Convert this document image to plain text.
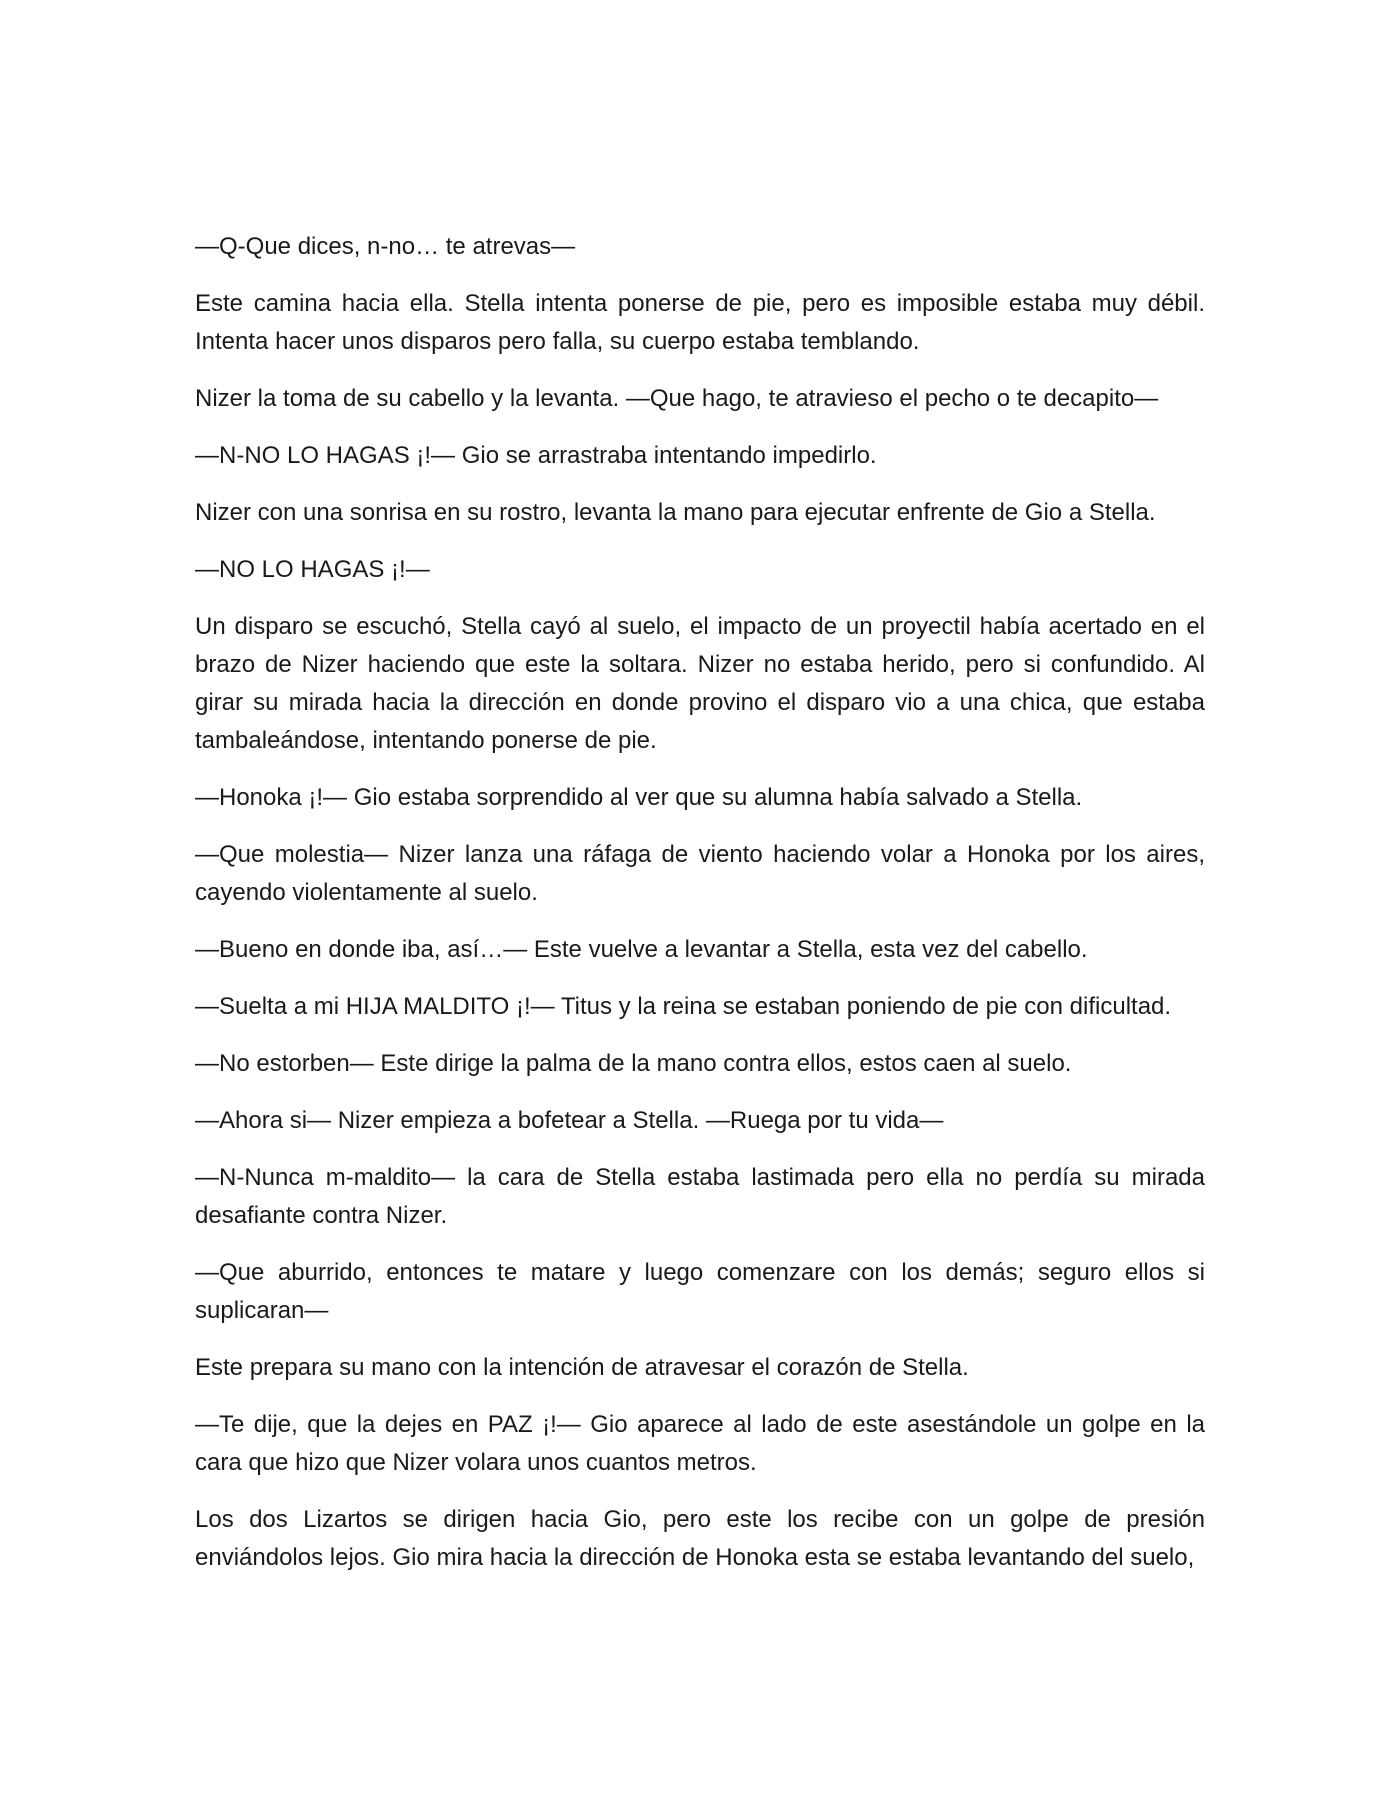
—Q-Que dices, n-no… te atrevas—

Este camina hacia ella. Stella intenta ponerse de pie, pero es imposible estaba muy débil. Intenta hacer unos disparos pero falla, su cuerpo estaba temblando.

Nizer la toma de su cabello y la levanta. —Que hago, te atravieso el pecho o te decapito—

—N-NO LO HAGAS ¡!— Gio se arrastraba intentando impedirlo.

Nizer con una sonrisa en su rostro, levanta la mano para ejecutar enfrente de Gio a Stella.

—NO LO HAGAS ¡!—

Un disparo se escuchó, Stella cayó al suelo, el impacto de un proyectil había acertado en el brazo de Nizer haciendo que este la soltara. Nizer no estaba herido, pero si confundido. Al girar su mirada hacia la dirección en donde provino el disparo vio a una chica, que estaba tambaleándose, intentando ponerse de pie.

—Honoka ¡!— Gio estaba sorprendido al ver que su alumna había salvado a Stella.

—Que molestia— Nizer lanza una ráfaga de viento haciendo volar a Honoka por los aires, cayendo violentamente al suelo.

—Bueno en donde iba, así…— Este vuelve a levantar a Stella, esta vez del cabello.

—Suelta a mi HIJA MALDITO ¡!— Titus y la reina se estaban poniendo de pie con dificultad.

—No estorben— Este dirige la palma de la mano contra ellos, estos caen al suelo.

—Ahora si— Nizer empieza a bofetear a Stella. —Ruega por tu vida—

—N-Nunca m-maldito— la cara de Stella estaba lastimada pero ella no perdía su mirada desafiante contra Nizer.

—Que aburrido, entonces te matare y luego comenzare con los demás; seguro ellos si suplicaran—

Este prepara su mano con la intención de atravesar el corazón de Stella.

—Te dije, que la dejes en PAZ ¡!— Gio aparece al lado de este asestándole un golpe en la cara que hizo que Nizer volara unos cuantos metros.

Los dos Lizartos se dirigen hacia Gio, pero este los recibe con un golpe de presión enviándolos lejos. Gio mira hacia la dirección de Honoka esta se estaba levantando del suelo,
